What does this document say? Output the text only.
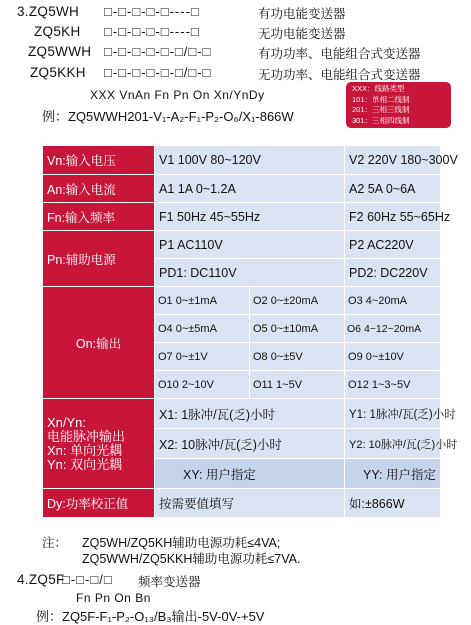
3.ZQ5WH □-□-□-□-□----□	有功电能变送器
ZQ5KH □-□-□-□-□----□	无功电能变送器
ZQ5WWH □-□-□-□-□-□/□-□	有功功率、电能组合式变送器
ZQ5KKH □-□-□-□-□-□/□-□	无功功率、电能组合式变送器
XXX VnAn Fn Pn On Xn/YnDy
例：ZQ5WWH201-V₁-A₂-F₁-P₂-O₆/X₁-866W
XXX：线路类型
101：单相二线制
201：三相三线制
301：三相四线制
Vn:输入电压	V1 100V 80~120V		V2 220V 180~300V
An:输入电流	A1 1A 0~1.2A		A2 5A 0~6A
Fn:输入频率	F1 50Hz 45~55Hz		F2 60Hz 55~65Hz
Pn:辅助电源	P1 AC110V		P2 AC220V
	PD1: DC110V		PD2: DC220V
On:输出	O1 0~±1mA	O2 0~±20mA	O3 4~20mA
	O4 0~±5mA	O5 0~±10mA	O6 4~12~20mA
	O7 0~±1V	O8 0~±5V	O9 0~±10V
	O10 2~10V	O11 1~5V	O12 1~3~5V
Xn/Yn:
电能脉冲输出
Xn: 单向光耦
Yn: 双向光耦	X1: 1脉冲/瓦(乏)小时		Y1: 1脉冲/瓦(乏)小时
	X2: 10脉冲/瓦(乏)小时		Y2: 10脉冲/瓦(乏)小时
	XY: 用户指定		YY: 用户指定
Dy:功率校正值	按需要值填写		如:±866W
注： ZQ5WH/ZQ5KH辅助电源功耗≤4VA;
ZQ5WWH/ZQ5KKH辅助电源功耗≤7VA.
4.ZQ5F
□-□-□/□ 频率变送器
Fn Pn On Bn
例：ZQ5F-F₁-P₂-O₁₃/B₃输出-5V-0V-+5V
